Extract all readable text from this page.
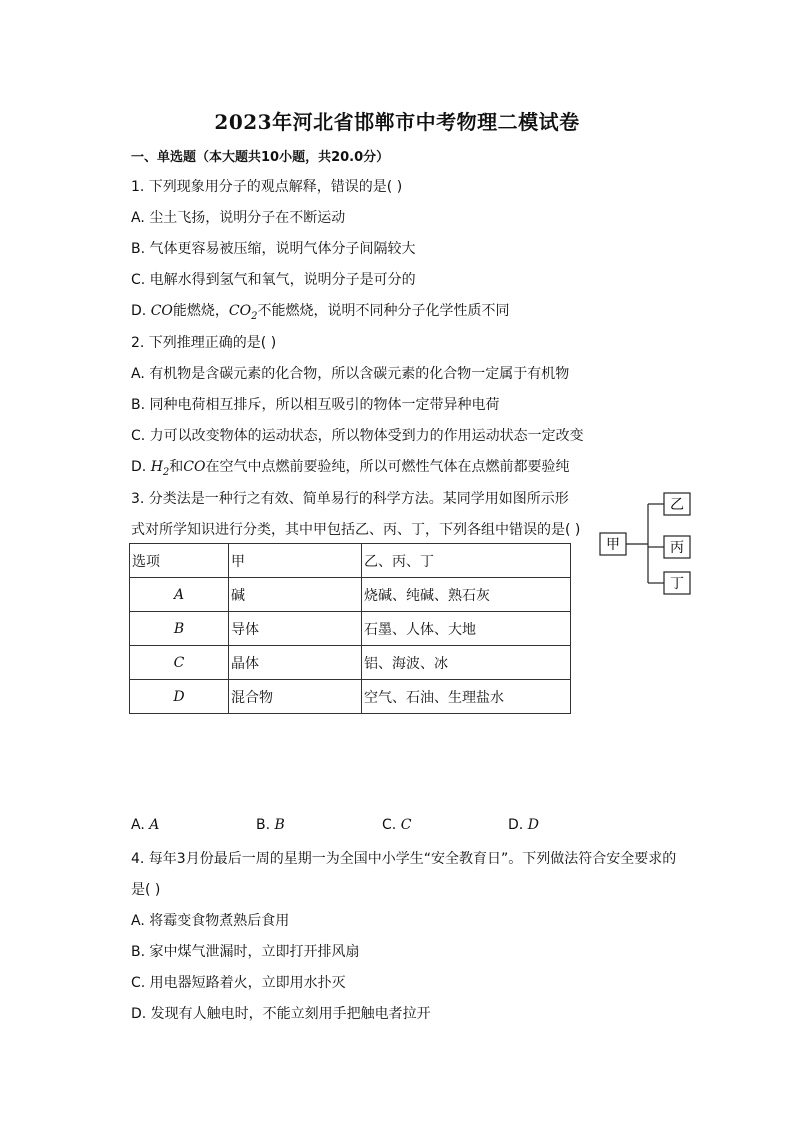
2023年河北省邯郸市中考物理二模试卷
一、单选题（本大题共10小题，共20.0分）
1. 下列现象用分子的观点解释，错误的是( )
A. 尘土飞扬，说明分子在不断运动
B. 气体更容易被压缩，说明气体分子间隔较大
C. 电解水得到氢气和氧气，说明分子是可分的
D. CO能燃烧，$CO_2$不能燃烧，说明不同种分子化学性质不同
2. 下列推理正确的是( )
A. 有机物是含碳元素的化合物，所以含碳元素的化合物一定属于有机物
B. 同种电荷相互排斥，所以相互吸引的物体一定带异种电荷
C. 力可以改变物体的运动状态，所以物体受到力的作用运动状态一定改变
D. $H_2$和CO在空气中点燃前要验纯，所以可燃性气体在点燃前都要验纯
3. 分类法是一种行之有效、简单易行的科学方法。某同学用如图所示形
式对所学知识进行分类，其中甲包括乙、丙、丁，下列各组中错误的是( )
选项	甲	乙、丙、丁
A	碱	烧碱、纯碱、熟石灰
B	导体	石墨、人体、大地
C	晶体	铝、海波、冰
D	混合物	空气、石油、生理盐水
甲
乙
丙
丁
A. A	B. B	C. C	D. D
4. 每年3月份最后一周的星期一为全国中小学生“安全教育日”。下列做法符合安全要求的
是( )
A. 将霉变食物煮熟后食用
B. 家中煤气泄漏时，立即打开排风扇
C. 用电器短路着火，立即用水扑灭
D. 发现有人触电时，不能立刻用手把触电者拉开
